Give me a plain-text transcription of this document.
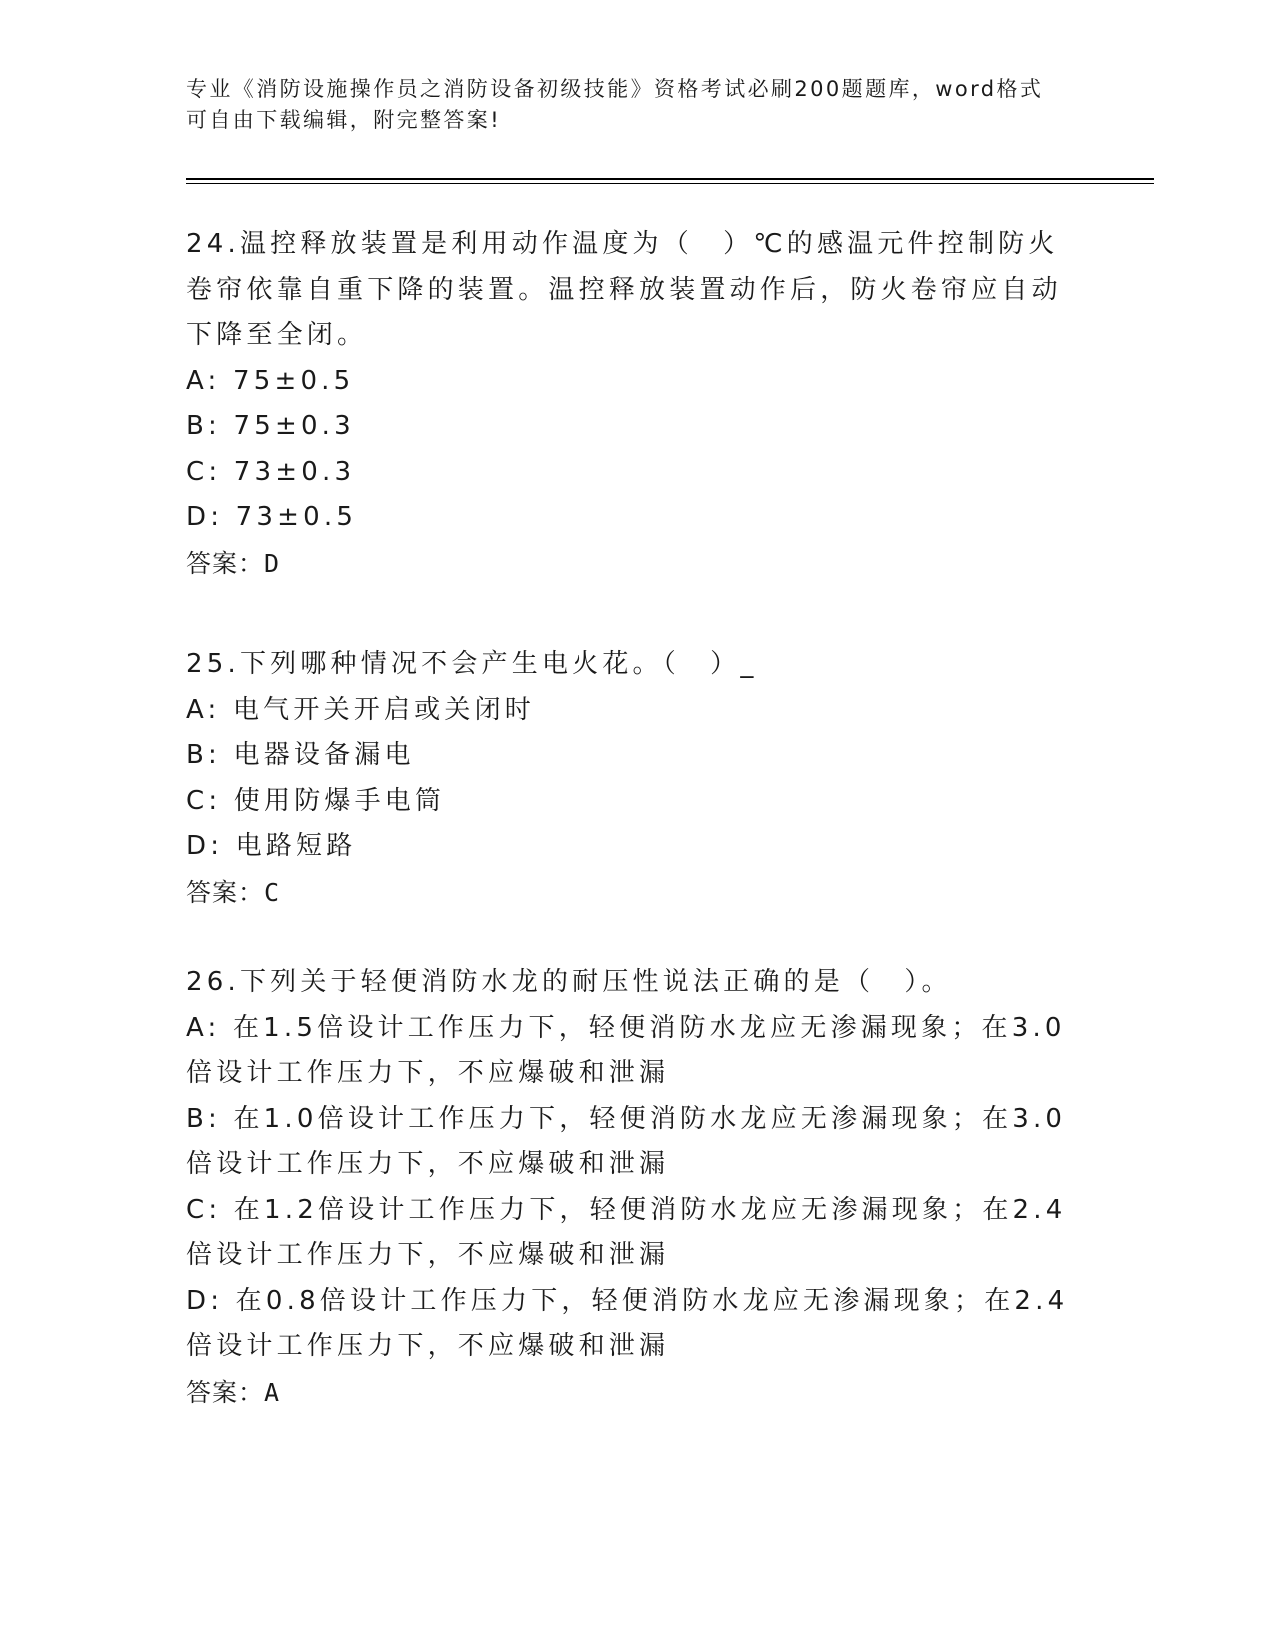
专业《消防设施操作员之消防设备初级技能》资格考试必刷200题题库，word格式可自由下载编辑，附完整答案!
24.温控释放装置是利用动作温度为（　）℃的感温元件控制防火卷帘依靠自重下降的装置。温控释放装置动作后，防火卷帘应自动下降至全闭。
A: 75±0.5
B: 75±0.3
C: 73±0.3
D: 73±0.5
答案：D
25.下列哪种情况不会产生电火花。（　）_
A: 电气开关开启或关闭时
B: 电器设备漏电
C: 使用防爆手电筒
D: 电路短路
答案：C
26.下列关于轻便消防水龙的耐压性说法正确的是（　）。
A: 在1.5倍设计工作压力下，轻便消防水龙应无渗漏现象；在3.0倍设计工作压力下，不应爆破和泄漏
B: 在1.0倍设计工作压力下，轻便消防水龙应无渗漏现象；在3.0倍设计工作压力下，不应爆破和泄漏
C: 在1.2倍设计工作压力下，轻便消防水龙应无渗漏现象；在2.4倍设计工作压力下，不应爆破和泄漏
D: 在0.8倍设计工作压力下，轻便消防水龙应无渗漏现象；在2.4倍设计工作压力下，不应爆破和泄漏
答案：A
